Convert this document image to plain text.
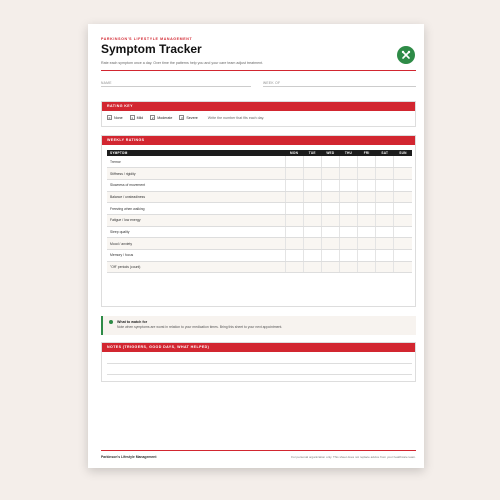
PARKINSON'S LIFESTYLE MANAGEMENT
Symptom Tracker
Rate each symptom once a day. Over time the patterns help you and your care team adjust treatment.
NAME	WEEK OF
RATING KEY
0	None	1	Mild	2	Moderate	3	Severe	Write the number that fits each day.
WEEKLY RATINGS
SYMPTOM	MON	TUE	WED	THU	FRI	SAT	SUN
Tremor							
Stiffness / rigidity							
Slowness of movement							
Balance / unsteadiness							
Freezing when walking							
Fatigue / low energy							
Sleep quality							
Mood / anxiety							
Memory / focus							
"Off" periods (count)							
What to watch for
Note when symptoms are worst in relation to your medication times. Bring this sheet to your next appointment.
NOTES (TRIGGERS, GOOD DAYS, WHAT HELPED)
Parkinson's Lifestyle Management	For personal organization only. This sheet does not replace advice from your healthcare team.
